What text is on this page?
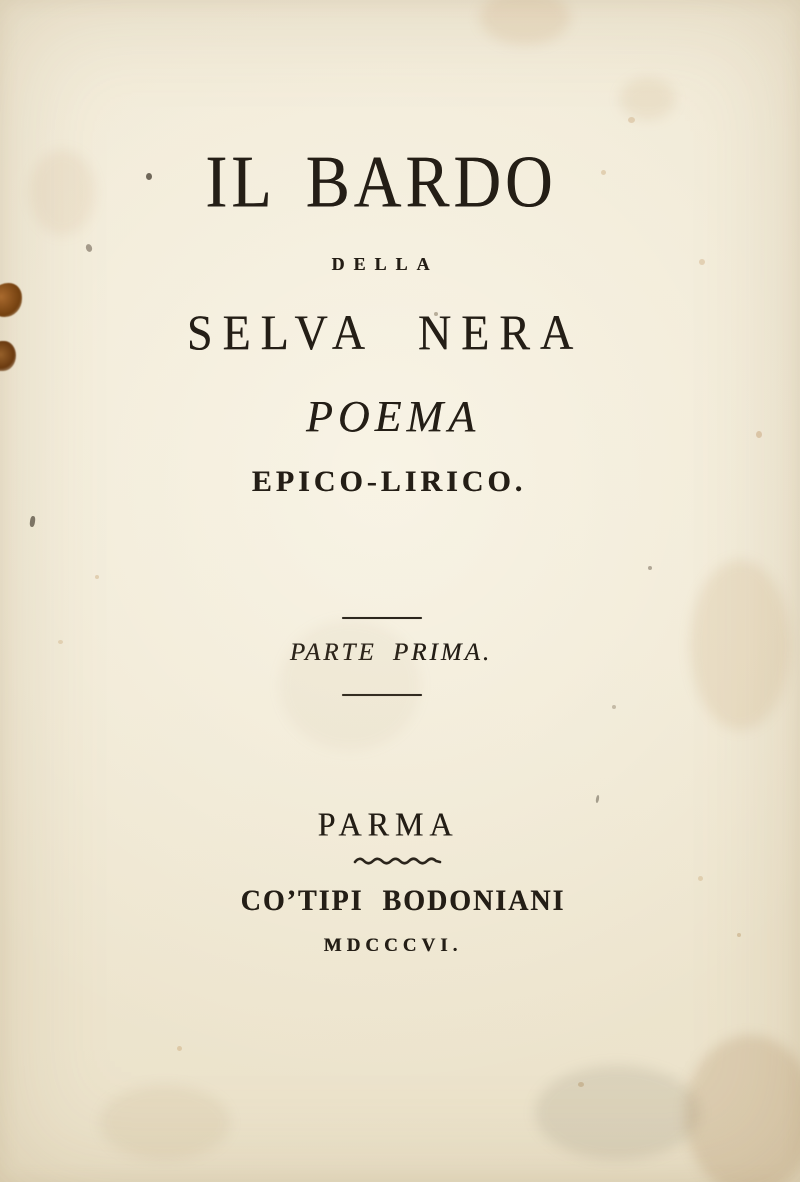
IL BARDO
DELLA
SELVA NERA
POEMA
EPICO-LIRICO.
PARTE PRIMA.
PARMA
CO’TIPI BODONIANI
MDCCCVI.
